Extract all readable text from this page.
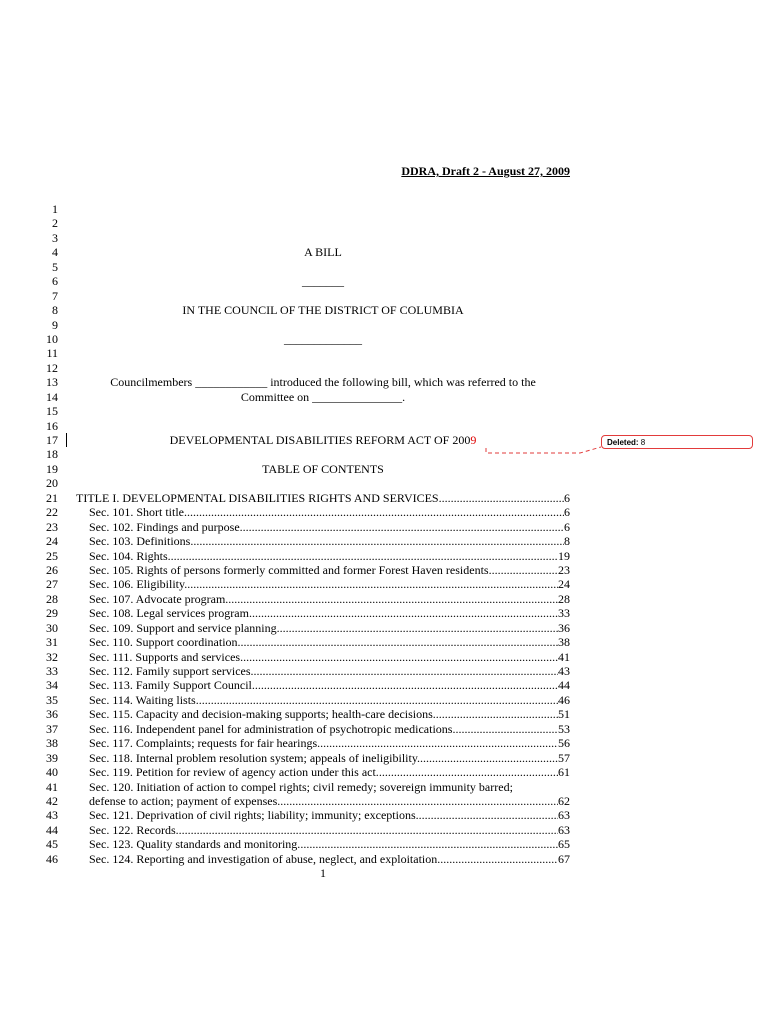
DDRA, Draft 2 - August 27, 2009
1
2
3
4
5
6
7
8
9
10
11
12
13
14
15
16
17
18
19
20
21
22
23
24
25
26
27
28
29
30
31
32
33
34
35
36
37
38
39
40
41
42
43
44
45
46
A BILL
_______
IN THE COUNCIL OF THE DISTRICT OF COLUMBIA
_____________
Councilmembers ____________ introduced the following bill, which was referred to the
Committee on _______________.
DEVELOPMENTAL DISABILITIES REFORM ACT OF 2009
TABLE OF CONTENTS
TITLE I. DEVELOPMENTAL DISABILITIES RIGHTS AND SERVICES. .....	6
Sec. 101. Short title. .....	6
Sec. 102. Findings and purpose. .....	6
Sec. 103. Definitions. .....	8
Sec. 104. Rights. .....	19
Sec. 105. Rights of persons formerly committed and former Forest Haven residents. .....	23
Sec. 106. Eligibility. .....	24
Sec. 107. Advocate program. .....	28
Sec. 108. Legal services program. .....	33
Sec. 109. Support and service planning. .....	36
Sec. 110. Support coordination. .....	38
Sec. 111. Supports and services. .....	41
Sec. 112. Family support services. .....	43
Sec. 113. Family Support Council. .....	44
Sec. 114. Waiting lists. .....	46
Sec. 115. Capacity and decision-making supports; health-care decisions. .....	51
Sec. 116. Independent panel for administration of psychotropic medications. .....	53
Sec. 117. Complaints; requests for fair hearings. .....	56
Sec. 118. Internal problem resolution system; appeals of ineligibility. .....	57
Sec. 119. Petition for review of agency action under this act. .....	61
Sec. 120. Initiation of action to compel rights; civil remedy; sovereign immunity barred;
defense to action; payment of expenses. .....	62
Sec. 121. Deprivation of civil rights; liability; immunity; exceptions. .....	63
Sec. 122. Records. .....	63
Sec. 123. Quality standards and monitoring. .....	65
Sec. 124. Reporting and investigation of abuse, neglect, and exploitation. .....	67
Deleted: 8
1
